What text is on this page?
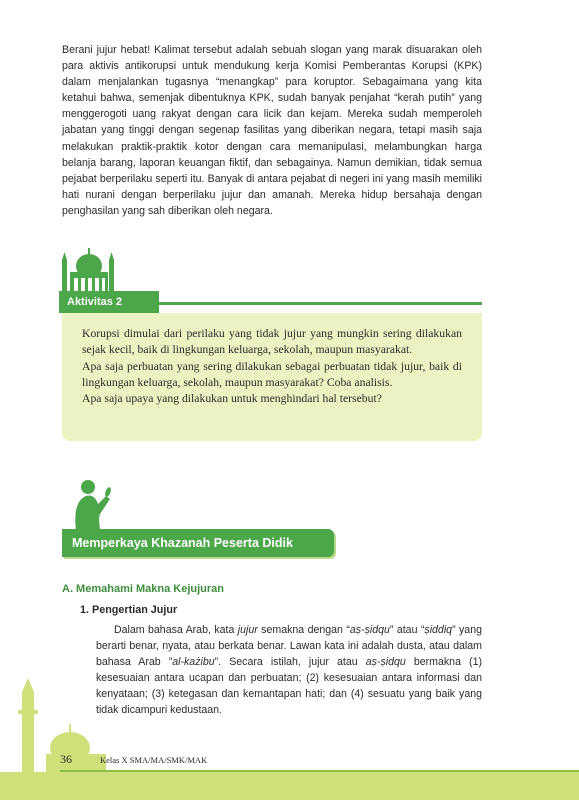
Berani jujur hebat! Kalimat tersebut adalah sebuah slogan yang marak disuarakan oleh para aktivis antikorupsi untuk mendukung kerja Komisi Pemberantas Korupsi (KPK) dalam menjalankan tugasnya “menangkap” para koruptor. Sebagaimana yang kita ketahui bahwa, semenjak dibentuknya KPK, sudah banyak penjahat “kerah putih” yang menggerogoti uang rakyat dengan cara licik dan kejam. Mereka sudah memperoleh jabatan yang tinggi dengan segenap fasilitas yang diberikan negara, tetapi masih saja melakukan praktik-praktik kotor dengan cara memanipulasi, melambungkan harga belanja barang, laporan keuangan fiktif, dan sebagainya. Namun demikian, tidak semua pejabat berperilaku seperti itu. Banyak di antara pejabat di negeri ini yang masih memiliki hati nurani dengan berperilaku jujur dan amanah. Mereka hidup bersahaja dengan penghasilan yang sah diberikan oleh negara.

Aktivitas 2
Korupsi dimulai dari perilaku yang tidak jujur yang mungkin sering dilakukan sejak kecil, baik di lingkungan keluarga, sekolah, maupun masyarakat.
Apa saja perbuatan yang sering dilakukan sebagai perbuatan tidak jujur, baik di lingkungan keluarga, sekolah, maupun masyarakat? Coba analisis.
Apa saja upaya yang dilakukan untuk menghindari hal tersebut?
Memperkaya Khazanah Peserta Didik
A. Memahami Makna Kejujuran
1. Pengertian Jujur

Dalam bahasa Arab, kata jujur semakna dengan “aṣ-ṣidqu” atau “ṣiddiq” yang berarti benar, nyata, atau berkata benar. Lawan kata ini adalah dusta, atau dalam bahasa Arab ”al-każibu”. Secara istilah, jujur atau aṣ-ṣidqu bermakna (1) kesesuaian antara ucapan dan perbuatan; (2) kesesuaian antara informasi dan kenyataan; (3) ketegasan dan kemantapan hati; dan (4) sesuatu yang baik yang tidak dicampuri kedustaan.

36	Kelas X SMA/MA/SMK/MAK
